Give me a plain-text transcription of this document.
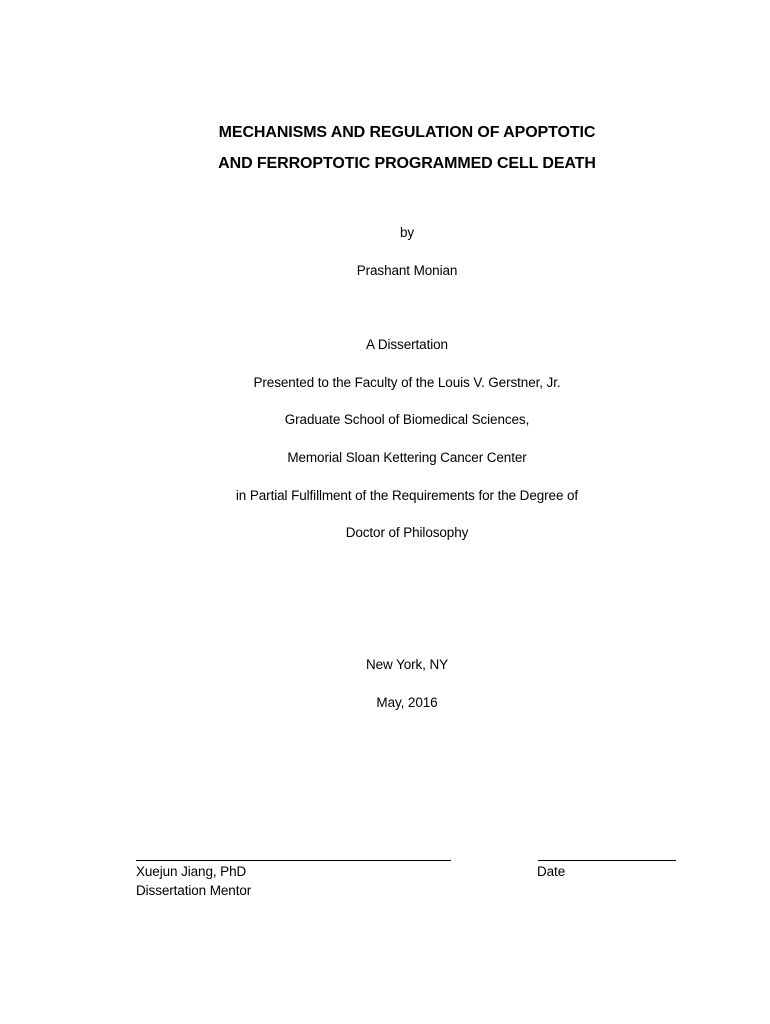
MECHANISMS AND REGULATION OF APOPTOTIC
AND FERROPTOTIC PROGRAMMED CELL DEATH
by
Prashant Monian
A Dissertation
Presented to the Faculty of the Louis V. Gerstner, Jr.
Graduate School of Biomedical Sciences,
Memorial Sloan Kettering Cancer Center
in Partial Fulfillment of the Requirements for the Degree of
Doctor of Philosophy
New York, NY
May, 2016
Xuejun Jiang, PhD
Dissertation Mentor
Date
